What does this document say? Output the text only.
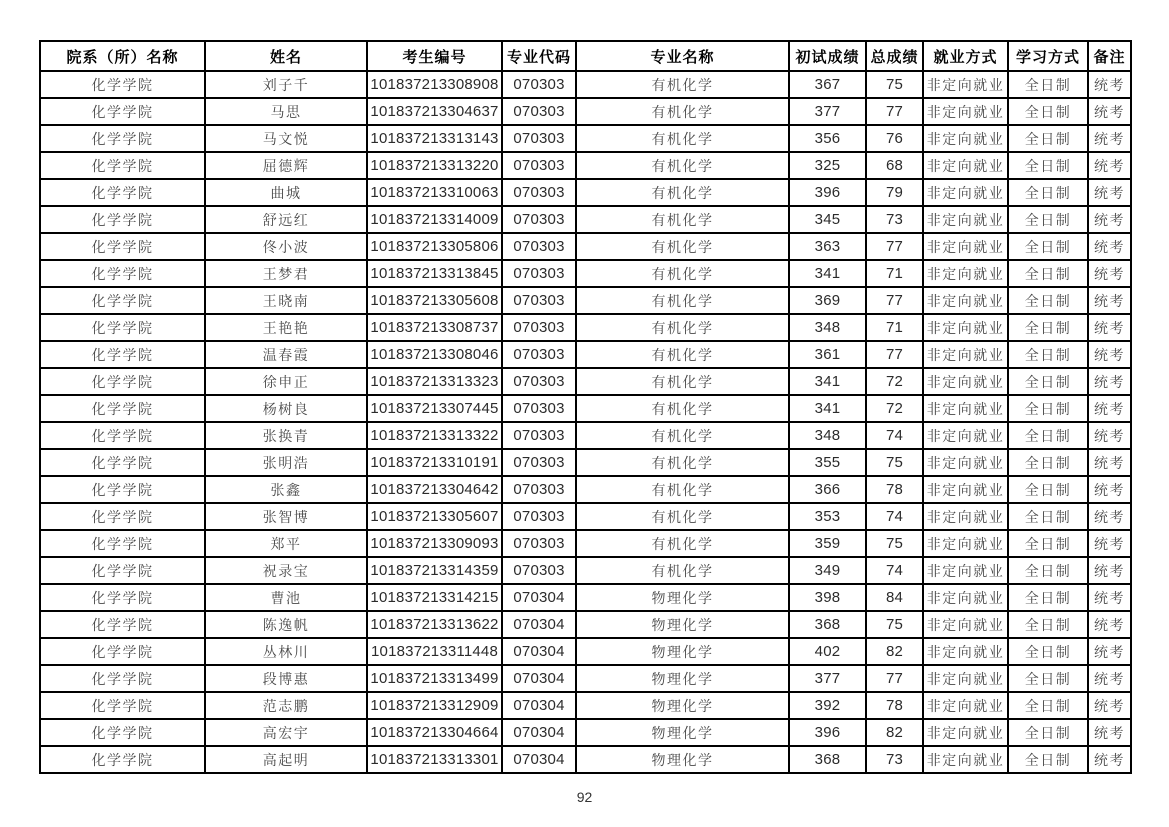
院系（所）名称	姓名	考生编号	专业代码	专业名称	初试成绩	总成绩	就业方式	学习方式	备注
化学学院	刘子千	101837213308908	070303	有机化学	367	75	非定向就业	全日制	统考
化学学院	马思	101837213304637	070303	有机化学	377	77	非定向就业	全日制	统考
化学学院	马文悦	101837213313143	070303	有机化学	356	76	非定向就业	全日制	统考
化学学院	屈德辉	101837213313220	070303	有机化学	325	68	非定向就业	全日制	统考
化学学院	曲城	101837213310063	070303	有机化学	396	79	非定向就业	全日制	统考
化学学院	舒远红	101837213314009	070303	有机化学	345	73	非定向就业	全日制	统考
化学学院	佟小波	101837213305806	070303	有机化学	363	77	非定向就业	全日制	统考
化学学院	王梦君	101837213313845	070303	有机化学	341	71	非定向就业	全日制	统考
化学学院	王晓南	101837213305608	070303	有机化学	369	77	非定向就业	全日制	统考
化学学院	王艳艳	101837213308737	070303	有机化学	348	71	非定向就业	全日制	统考
化学学院	温春霞	101837213308046	070303	有机化学	361	77	非定向就业	全日制	统考
化学学院	徐申正	101837213313323	070303	有机化学	341	72	非定向就业	全日制	统考
化学学院	杨树良	101837213307445	070303	有机化学	341	72	非定向就业	全日制	统考
化学学院	张换青	101837213313322	070303	有机化学	348	74	非定向就业	全日制	统考
化学学院	张明浩	101837213310191	070303	有机化学	355	75	非定向就业	全日制	统考
化学学院	张鑫	101837213304642	070303	有机化学	366	78	非定向就业	全日制	统考
化学学院	张智博	101837213305607	070303	有机化学	353	74	非定向就业	全日制	统考
化学学院	郑平	101837213309093	070303	有机化学	359	75	非定向就业	全日制	统考
化学学院	祝录宝	101837213314359	070303	有机化学	349	74	非定向就业	全日制	统考
化学学院	曹池	101837213314215	070304	物理化学	398	84	非定向就业	全日制	统考
化学学院	陈逸帆	101837213313622	070304	物理化学	368	75	非定向就业	全日制	统考
化学学院	丛林川	101837213311448	070304	物理化学	402	82	非定向就业	全日制	统考
化学学院	段博惠	101837213313499	070304	物理化学	377	77	非定向就业	全日制	统考
化学学院	范志鹏	101837213312909	070304	物理化学	392	78	非定向就业	全日制	统考
化学学院	高宏宇	101837213304664	070304	物理化学	396	82	非定向就业	全日制	统考
化学学院	高起明	101837213313301	070304	物理化学	368	73	非定向就业	全日制	统考
92
